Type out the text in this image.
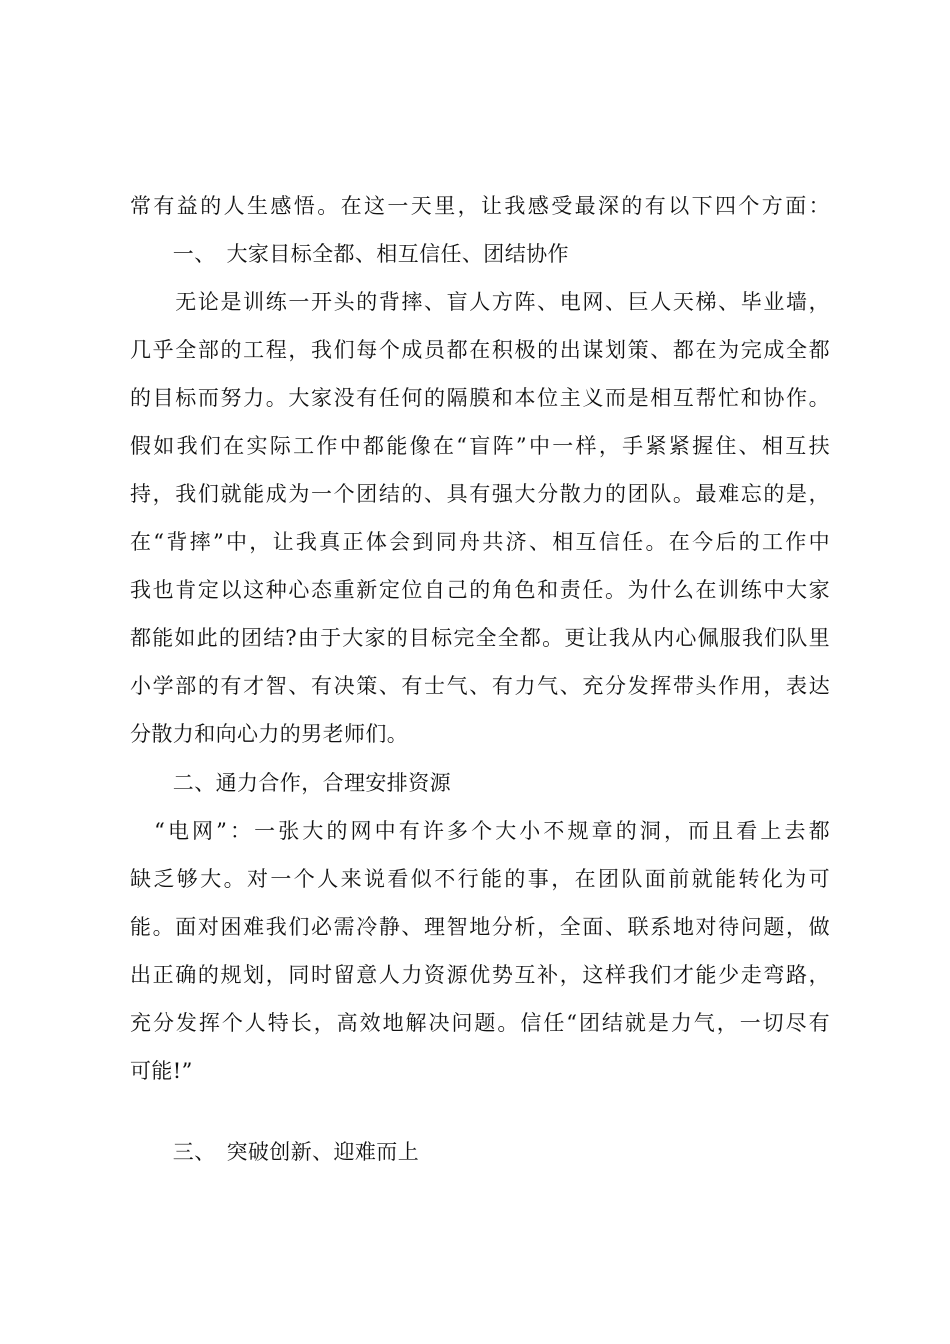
常有益的人生感悟。在这一天里，让我感受最深的有以下四个方面：
　　一、　大家目标全都、相互信任、团结协作
　　无论是训练一开头的背摔、盲人方阵、电网、巨人天梯、毕业墙，
几乎全部的工程，我们每个成员都在积极的出谋划策、都在为完成全都
的目标而努力。大家没有任何的隔膜和本位主义而是相互帮忙和协作。
假如我们在实际工作中都能像在“盲阵”中一样，手紧紧握住、相互扶
持，我们就能成为一个团结的、具有强大分散力的团队。最难忘的是，
在“背摔”中，让我真正体会到同舟共济、相互信任。在今后的工作中
我也肯定以这种心态重新定位自己的角色和责任。为什么在训练中大家
都能如此的团结?由于大家的目标完全全都。更让我从内心佩服我们队里
小学部的有才智、有决策、有士气、有力气、充分发挥带头作用，表达
分散力和向心力的男老师们。
　　二、通力合作，合理安排资源
　“电网”：一张大的网中有许多个大小不规章的洞，而且看上去都
缺乏够大。对一个人来说看似不行能的事，在团队面前就能转化为可
能。面对困难我们必需冷静、理智地分析，全面、联系地对待问题，做
出正确的规划，同时留意人力资源优势互补，这样我们才能少走弯路，
充分发挥个人特长，高效地解决问题。信任“团结就是力气，一切尽有
可能!”
　　三、　突破创新、迎难而上
